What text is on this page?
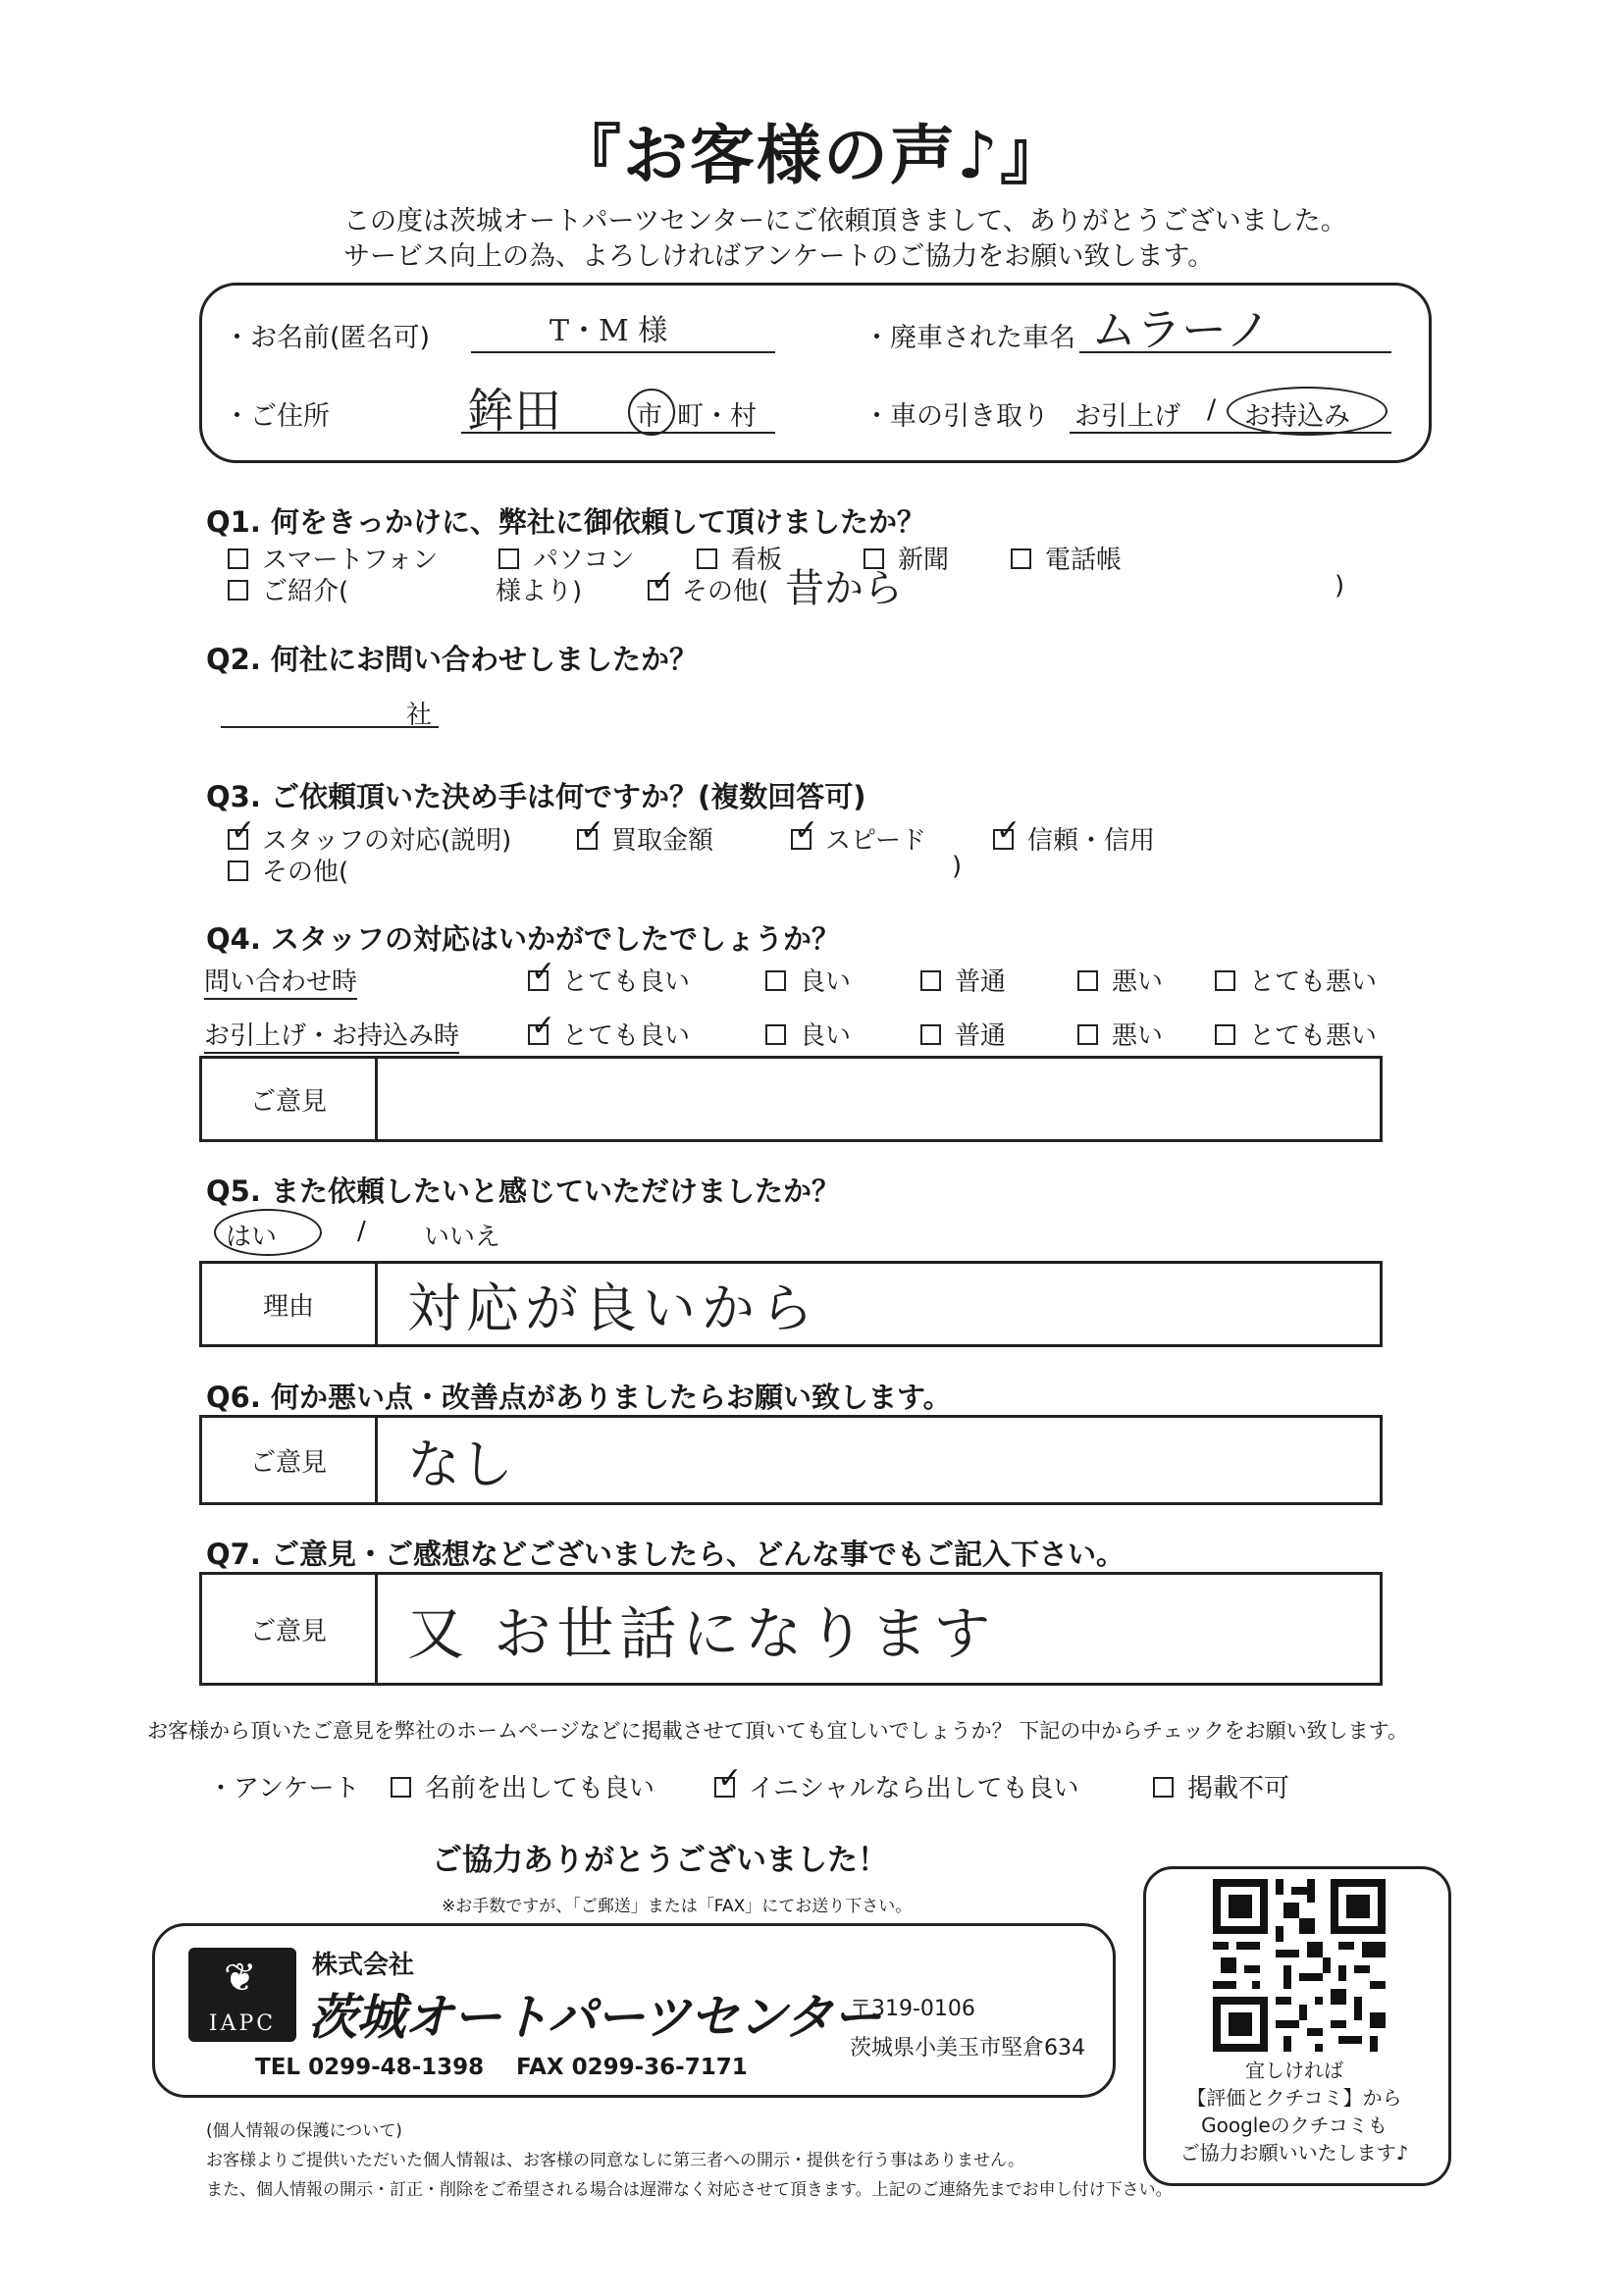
『お客様の声♪』
この度は茨城オートパーツセンターにご依頼頂きまして、ありがとうございました。
サービス向上の為、よろしければアンケートのご協力をお願い致します。
・お名前(匿名可)	T・M 様	・廃車された車名 ムラーノ
・ご住所	鉾田	市 町・村	・車の引き取り お引上げ / お持込み
Q1. 何をきっかけに、弊社に御依頼して頂けましたか？
スマートフォン	パソコン	看板	新聞	電話帳
ご紹介(	様より) ✓	その他( 昔から	)
Q2. 何社にお問い合わせしましたか？
社
Q3. ご依頼頂いた決め手は何ですか？(複数回答可)
✓スタッフの対応(説明) ✓	買取金額 ✓	スピード ✓	信頼・信用
その他(	)
Q4. スタッフの対応はいかがでしたでしょうか？
問い合わせ時 ✓	とても良い	良い	普通	悪い	とても悪い
お引上げ・お持込み時 ✓	とても良い	良い	普通	悪い	とても悪い
ご意見
Q5. また依頼したいと感じていただけましたか？
はい	/ いいえ
理由	対応が良いから
Q6. 何か悪い点・改善点がありましたらお願い致します。
ご意見	なし
Q7. ご意見・ご感想などございましたら、どんな事でもご記入下さい。
ご意見	又 お世話になります
お客様から頂いたご意見を弊社のホームページなどに掲載させて頂いても宜しいでしょうか？ 下記の中からチェックをお願い致します。
・アンケート	名前を出しても良い ✓	イニシャルなら出しても良い	掲載不可
ご協力ありがとうございました！
※お手数ですが、「ご郵送」または「FAX」にてお送り下さい。
❦
IAPC
株式会社
茨城オートパーツセンター
TEL 0299-48-1398 FAX 0299-36-7171
〒319-0106
茨城県小美玉市堅倉634
宜しければ
【評価とクチコミ】から
Googleのクチコミも
ご協力お願いいたします♪
(個人情報の保護について)
お客様よりご提供いただいた個人情報は、お客様の同意なしに第三者への開示・提供を行う事はありません。
また、個人情報の開示・訂正・削除をご希望される場合は遅滞なく対応させて頂きます。上記のご連絡先までお申し付け下さい。
